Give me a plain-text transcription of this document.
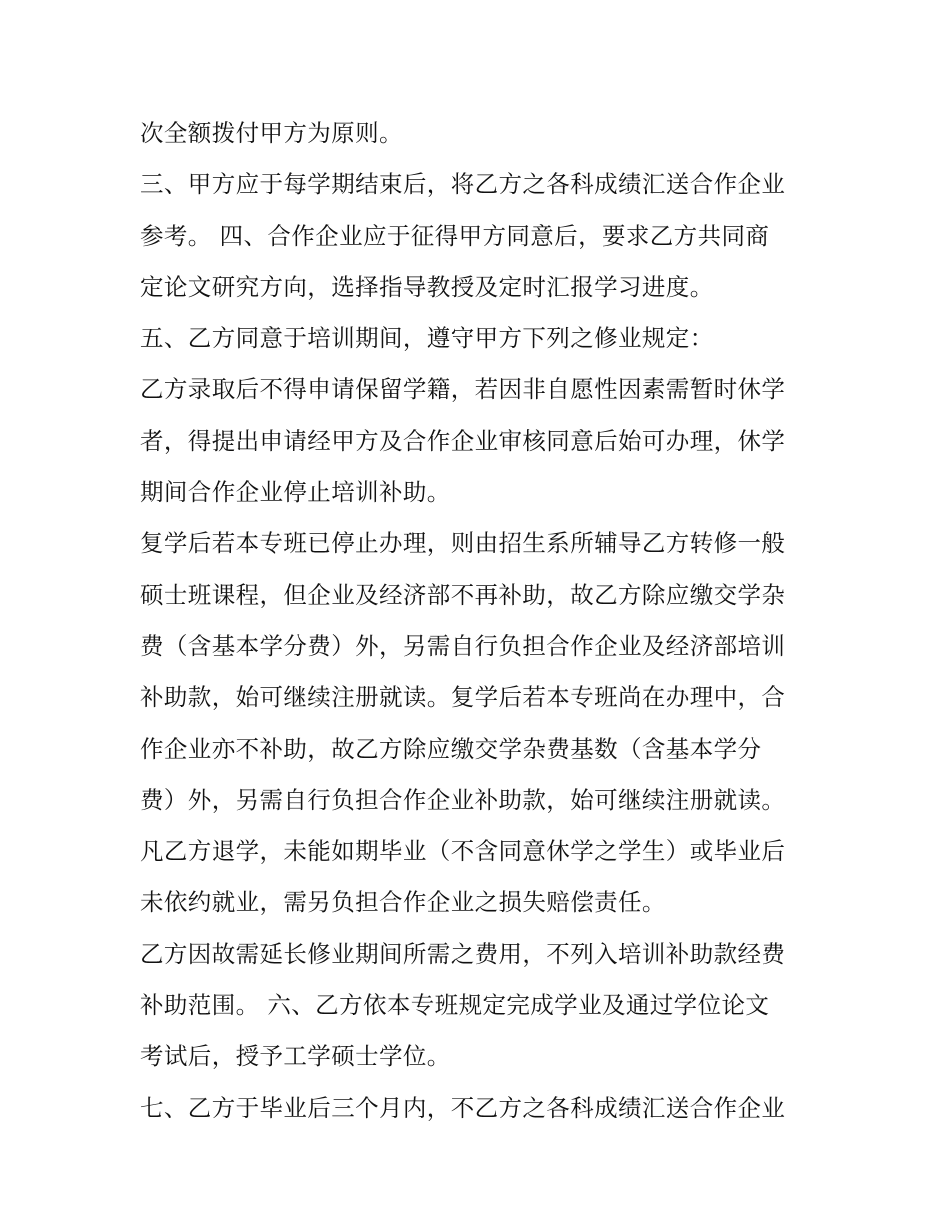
次全额拨付甲方为原则。
三、甲方应于每学期结束后，将乙方之各科成绩汇送合作企业
参考。 四、合作企业应于征得甲方同意后，要求乙方共同商
定论文研究方向，选择指导教授及定时汇报学习进度。
五、乙方同意于培训期间，遵守甲方下列之修业规定：
乙方录取后不得申请保留学籍，若因非自愿性因素需暂时休学
者，得提出申请经甲方及合作企业审核同意后始可办理，休学
期间合作企业停止培训补助。
复学后若本专班已停止办理，则由招生系所辅导乙方转修一般
硕士班课程，但企业及经济部不再补助，故乙方除应缴交学杂
费（含基本学分费）外，另需自行负担合作企业及经济部培训
补助款，始可继续注册就读。复学后若本专班尚在办理中，合
作企业亦不补助，故乙方除应缴交学杂费基数（含基本学分
费）外，另需自行负担合作企业补助款，始可继续注册就读。
凡乙方退学，未能如期毕业（不含同意休学之学生）或毕业后
未依约就业，需另负担合作企业之损失赔偿责任。
乙方因故需延长修业期间所需之费用，不列入培训补助款经费
补助范围。 六、乙方依本专班规定完成学业及通过学位论文
考试后，授予工学硕士学位。
七、乙方于毕业后三个月内，不乙方之各科成绩汇送合作企业
